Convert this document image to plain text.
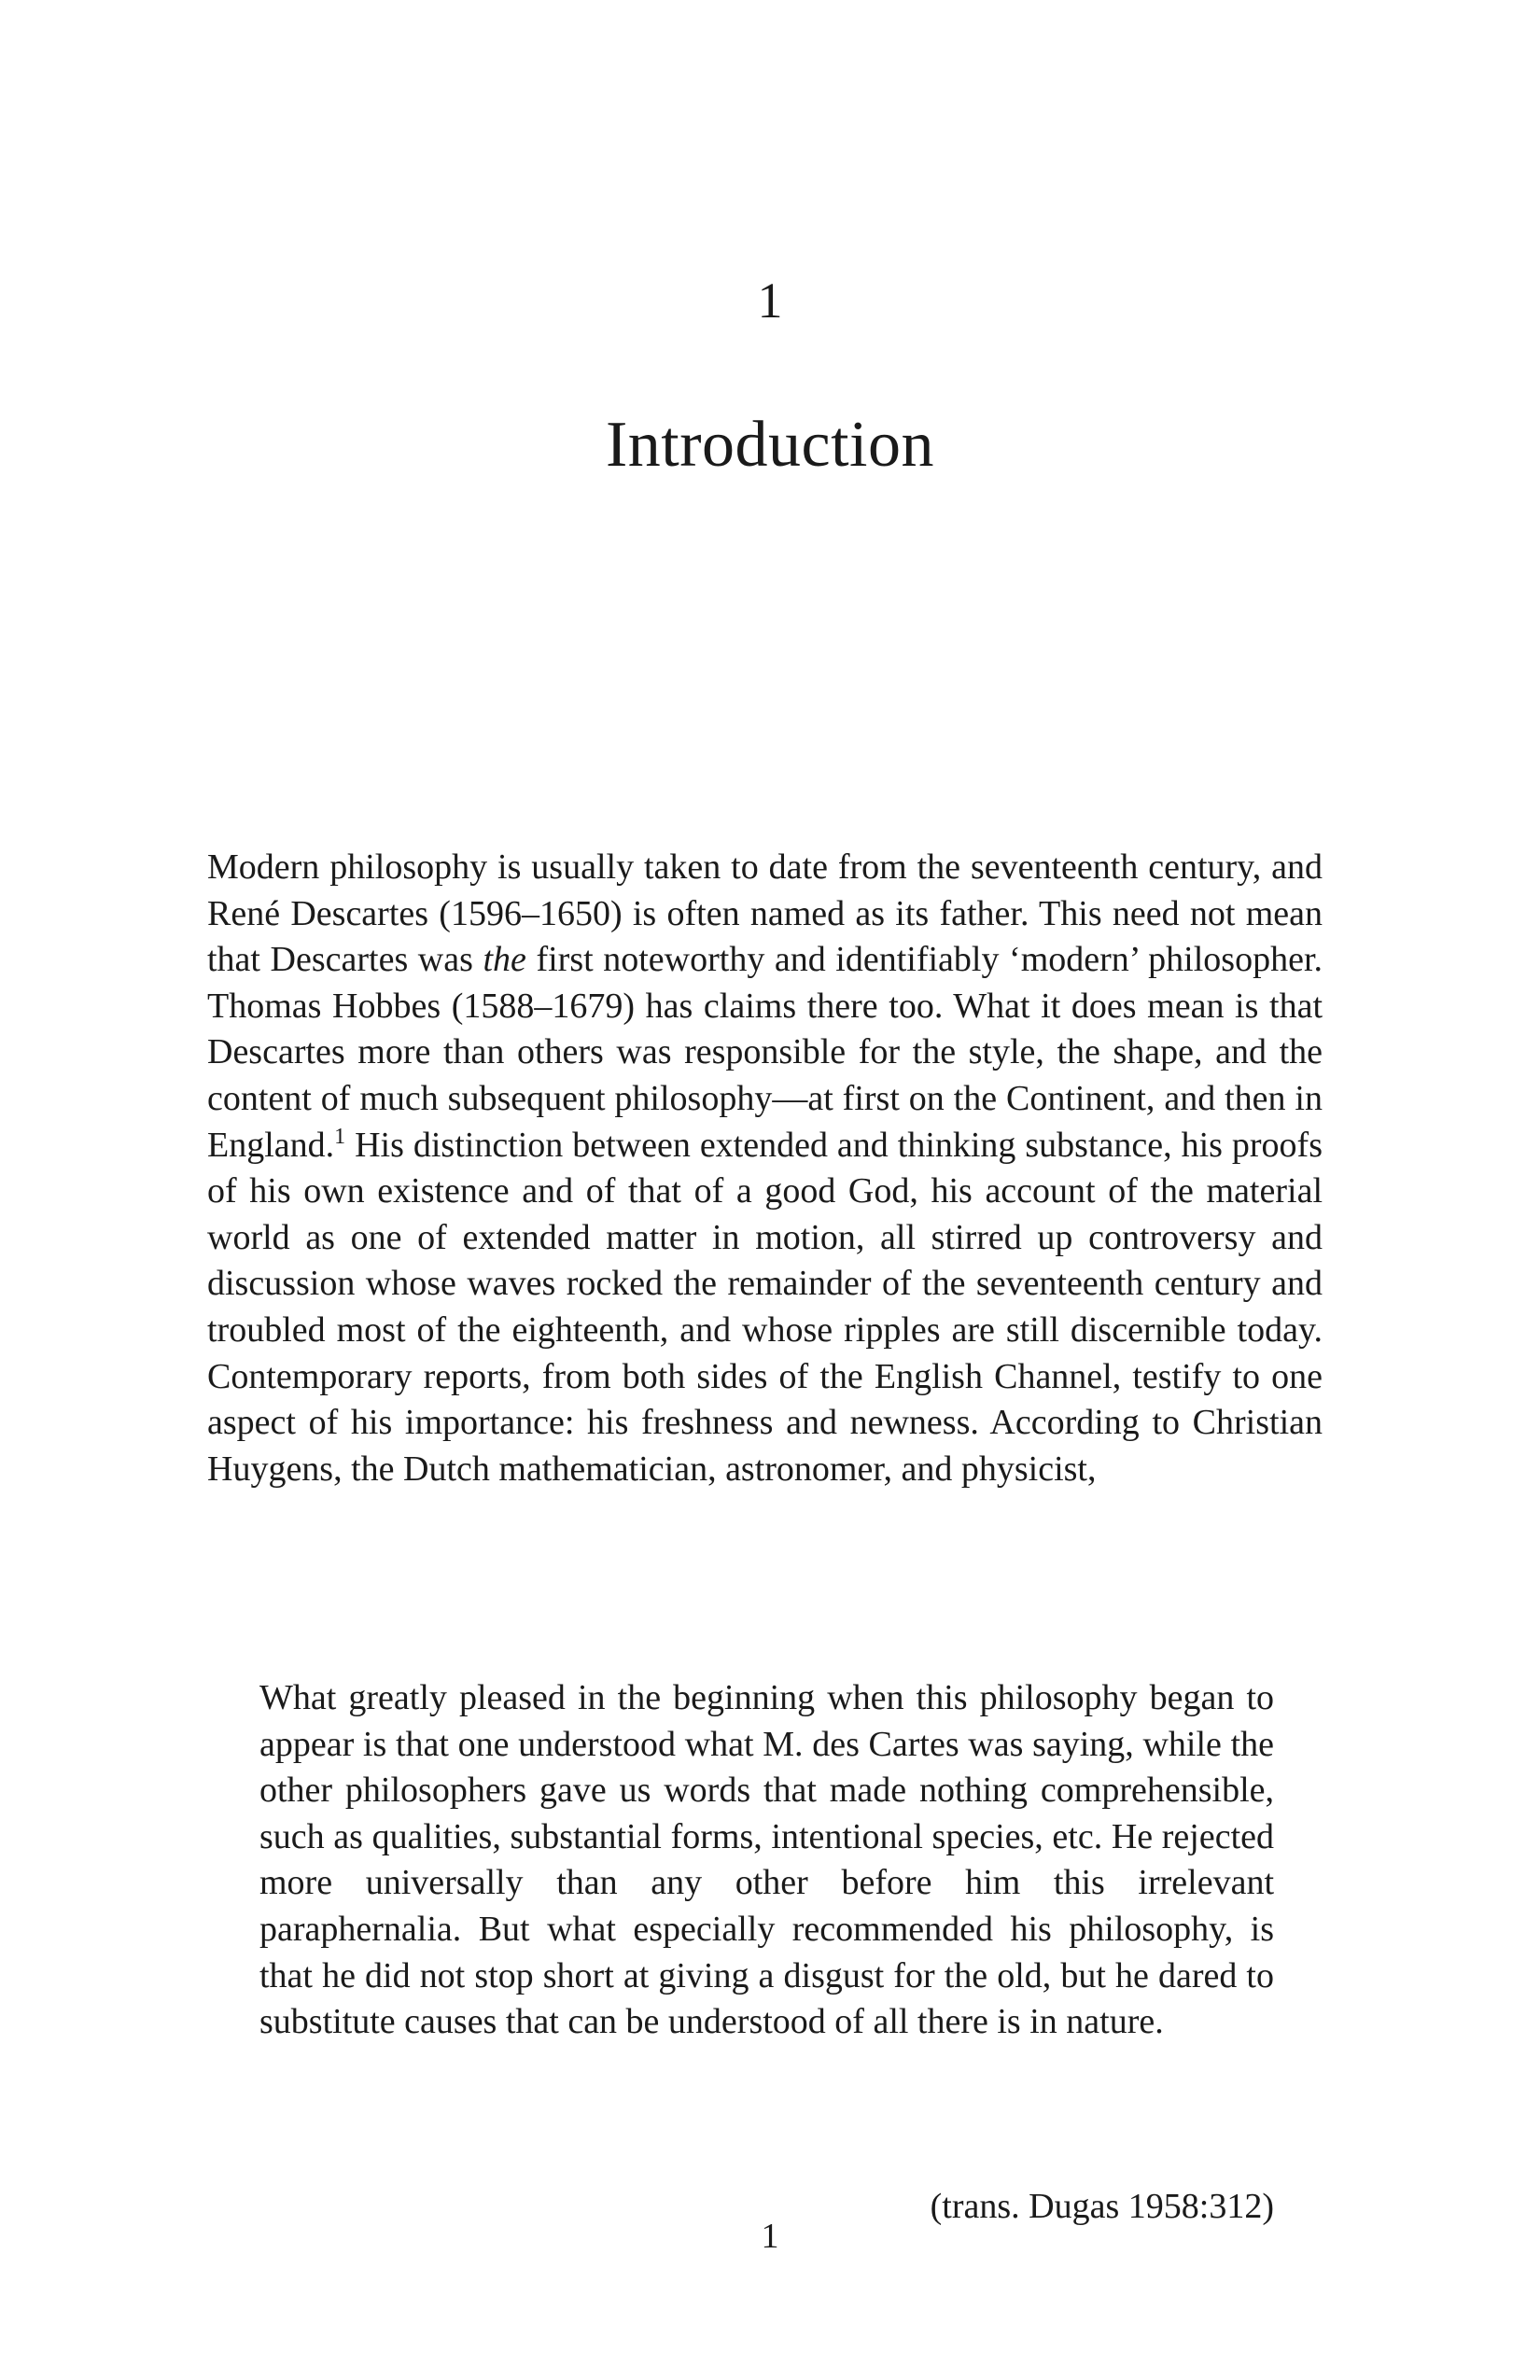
1
Introduction

Modern philosophy is usually taken to date from the seventeenth century, and René Descartes (1596–1650) is often named as its father. This need not mean that Descartes was the first noteworthy and identifiably ‘modern’ philosopher. Thomas Hobbes (1588–1679) has claims there too. What it does mean is that Descartes more than others was responsible for the style, the shape, and the content of much subsequent philosophy—at first on the Continent, and then in England.$^1$ His distinction between extended and thinking substance, his proofs of his own existence and of that of a good God, his account of the material world as one of extended matter in motion, all stirred up controversy and discussion whose waves rocked the remainder of the seventeenth century and troubled most of the eighteenth, and whose ripples are still discernible today. Contemporary reports, from both sides of the English Channel, testify to one aspect of his importance: his freshness and newness. According to Christian Huygens, the Dutch mathematician, astronomer, and physicist,

What greatly pleased in the beginning when this philosophy began to appear is that one understood what M. des Cartes was saying, while the other philosophers gave us words that made nothing comprehensible, such as qualities, substantial forms, intentional species, etc. He rejected more universally than any other before him this irrelevant paraphernalia. But what especially recommended his philosophy, is that he did not stop short at giving a disgust for the old, but he dared to substitute causes that can be understood of all there is in nature.

(trans. Dugas 1958:312)
1
